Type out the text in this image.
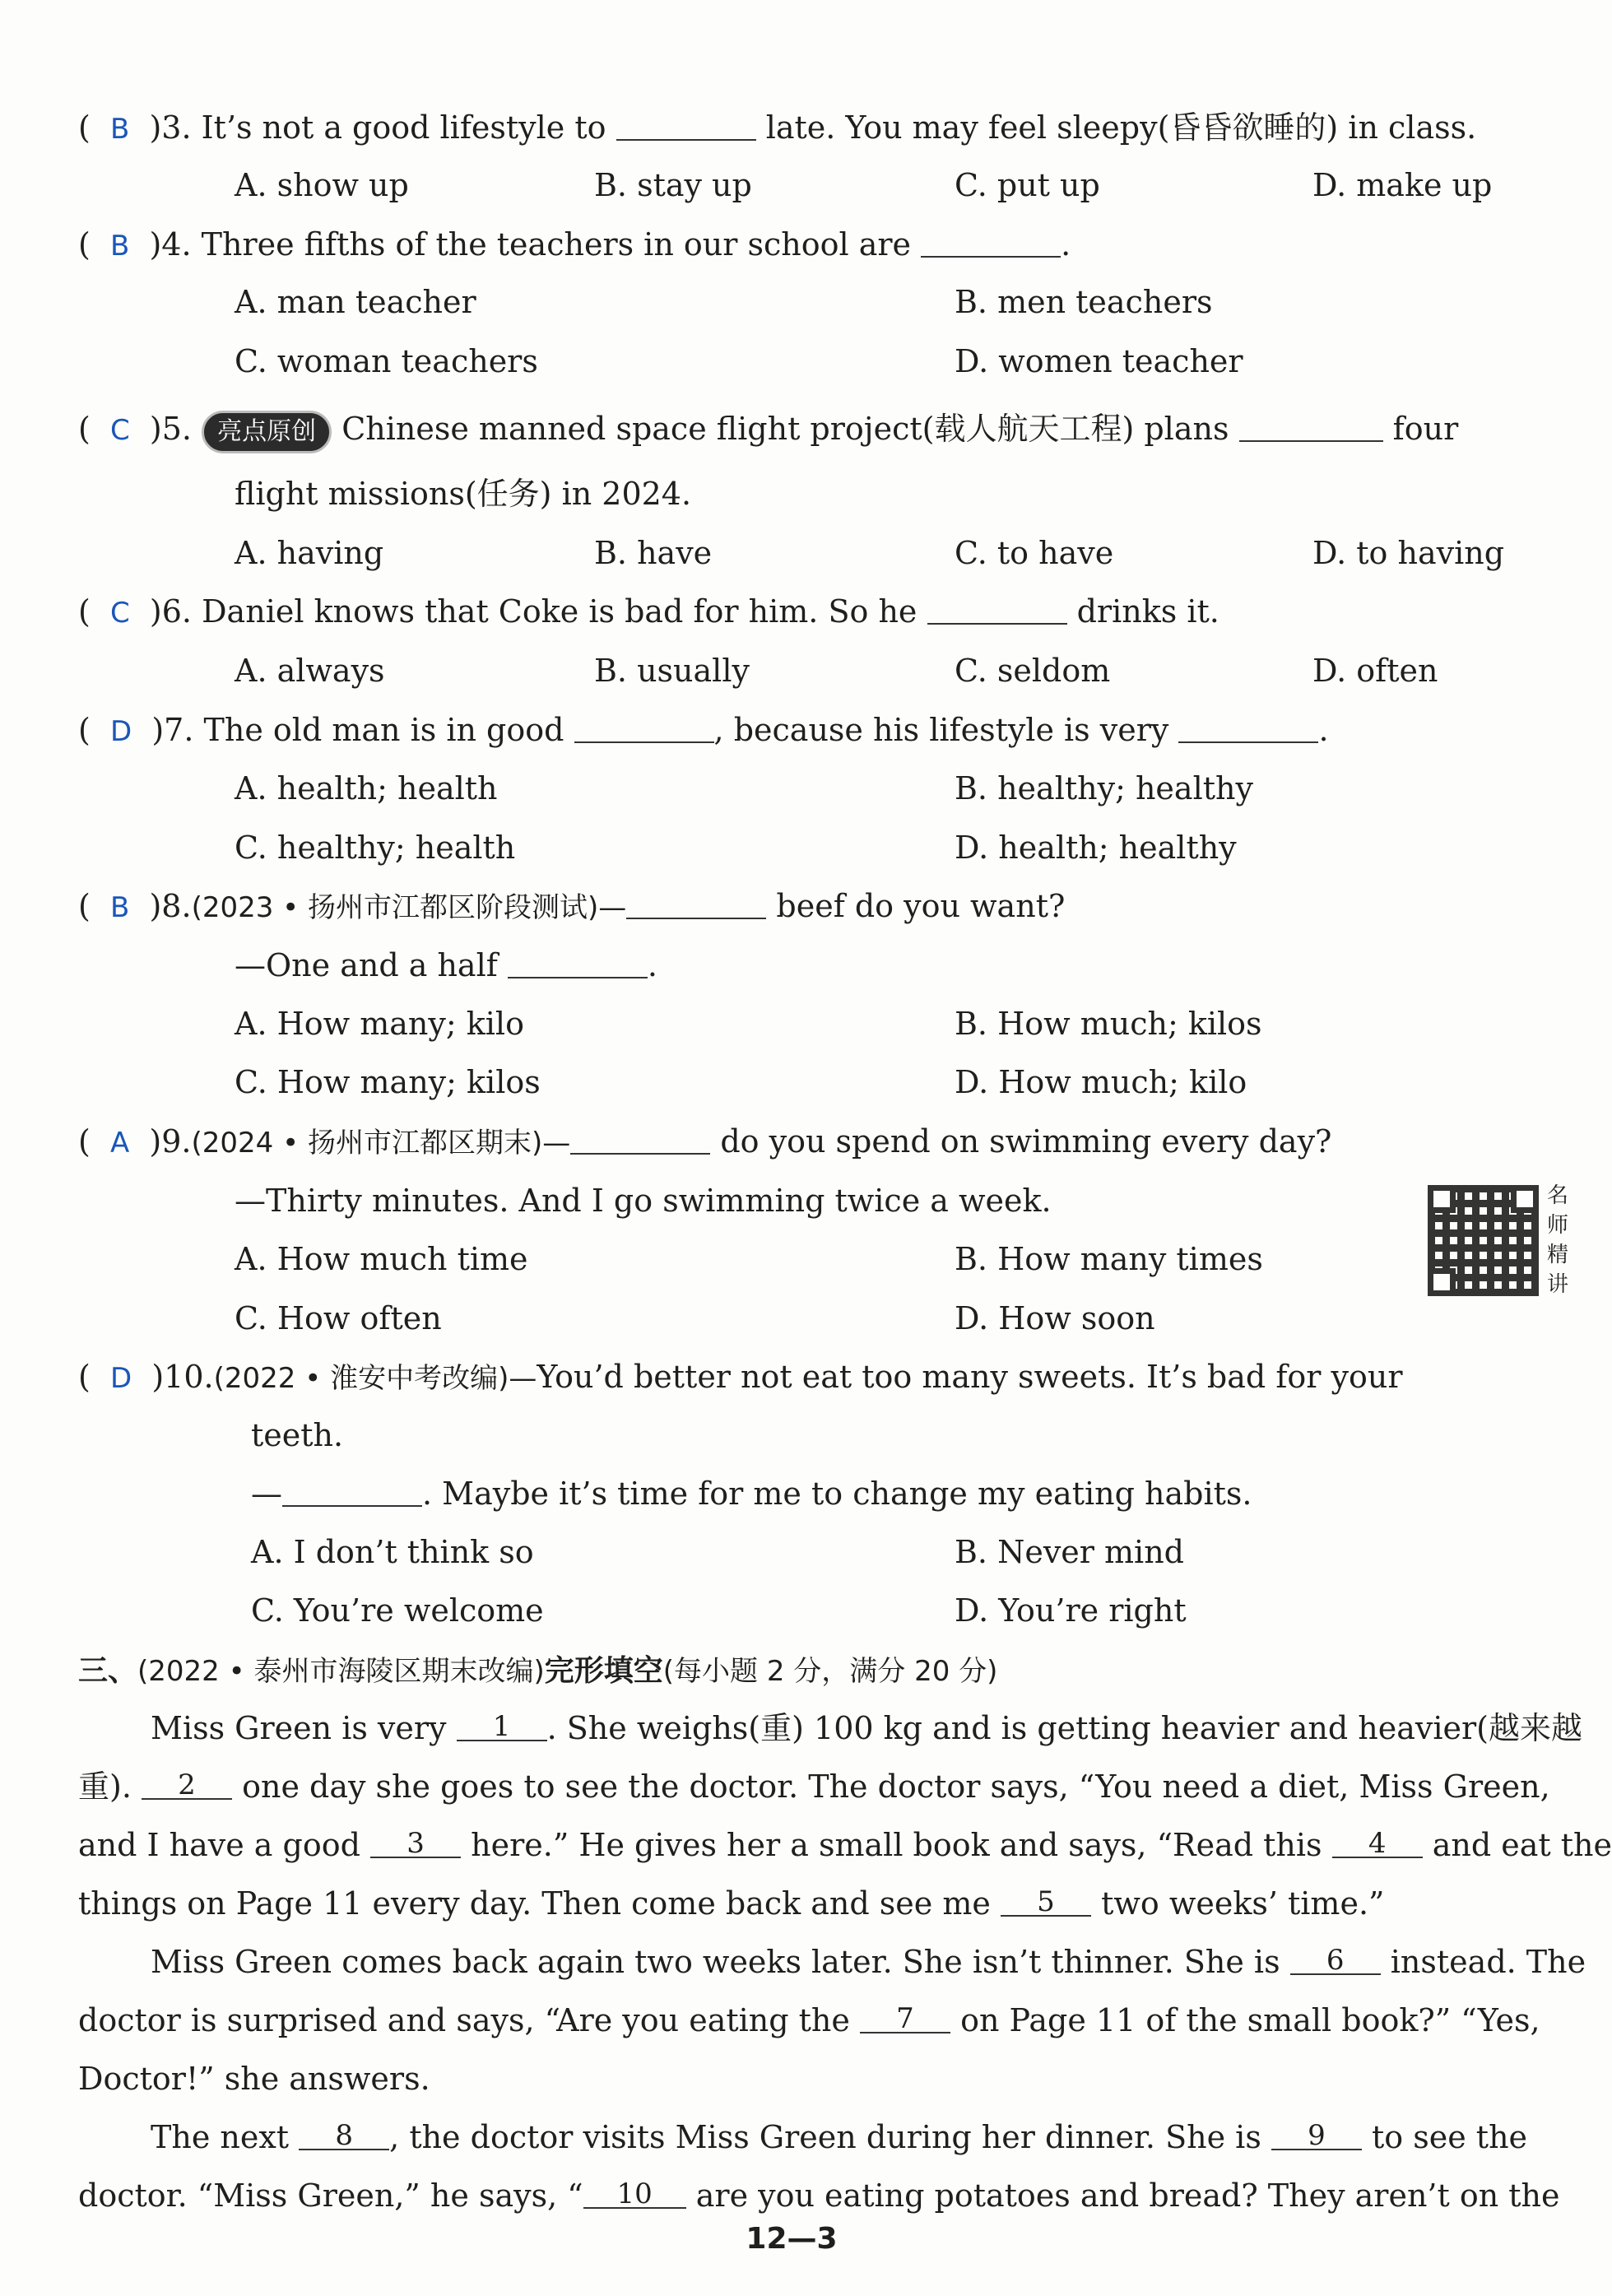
(  B )3. It’s not a good lifestyle to	late. You may feel sleepy(昏昏欲睡的) in class.
A. show up	B. stay up	C. put up	D. make up
(  B )4. Three fifths of the teachers in our school are	.
A. man teacher	B. men teachers
C. woman teachers	D. women teacher
(  C )5. 亮点原创 Chinese manned space flight project(载人航天工程) plans	four
flight missions(任务) in 2024.
A. having	B. have	C. to have	D. to having
(  C )6. Daniel knows that Coke is bad for him. So he	drinks it.
A. always	B. usually	C. seldom	D. often
(  D )7. The old man is in good	, because his lifestyle is very	.
A. health; health	B. healthy; healthy
C. healthy; health	D. health; healthy
(  B )8.(2023 • 扬州市江都区阶段测试)—	beef do you want?
—One and a half	.
A. How many; kilo	B. How much; kilos
C. How many; kilos	D. How much; kilo
(  A )9.(2024 • 扬州市江都区期末)—	do you spend on swimming every day?
—Thirty minutes. And I go swimming twice a week.
A. How much time	B. How many times
C. How often	D. How soon
名师精讲
(  D )10.(2022 • 淮安中考改编)—You’d better not eat too many sweets. It’s bad for your
teeth.
—	. Maybe it’s time for me to change my eating habits.
A. I don’t think so	B. Never mind
C. You’re welcome	D. You’re right
三、(2022 • 泰州市海陵区期末改编)完形填空(每小题 2 分，满分 20 分)
Miss Green is very 1 . She weighs(重) 100 kg and is getting heavier and heavier(越来越
重). 2 one day she goes to see the doctor. The doctor says, “You need a diet, Miss Green,
and I have a good 3 here.” He gives her a small book and says, “Read this 4 and eat the
things on Page 11 every day. Then come back and see me 5 two weeks’ time.”
Miss Green comes back again two weeks later. She isn’t thinner. She is 6 instead. The
doctor is surprised and says, “Are you eating the 7 on Page 11 of the small book?” “Yes,
Doctor!” she answers.
The next 8 , the doctor visits Miss Green during her dinner. She is 9 to see the
doctor. “Miss Green,” he says, “ 10 are you eating potatoes and bread? They aren’t on the
12—3
